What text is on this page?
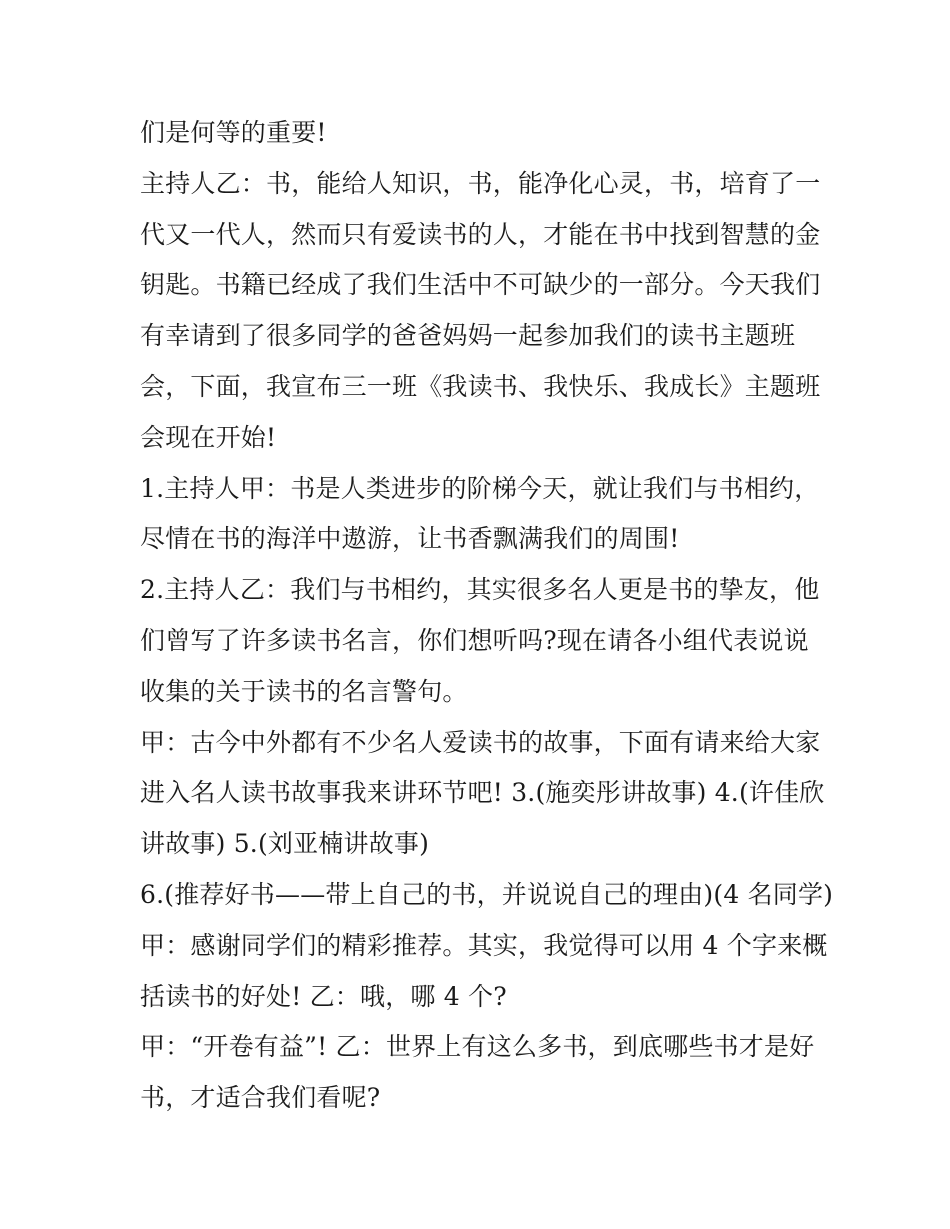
们是何等的重要!
主持人乙：书，能给人知识，书，能净化心灵，书，培育了一
代又一代人，然而只有爱读书的人，才能在书中找到智慧的金
钥匙。书籍已经成了我们生活中不可缺少的一部分。今天我们
有幸请到了很多同学的爸爸妈妈一起参加我们的读书主题班
会，下面，我宣布三一班《我读书、我快乐、我成长》主题班
会现在开始!
1.主持人甲：书是人类进步的阶梯今天，就让我们与书相约，
尽情在书的海洋中遨游，让书香飘满我们的周围!
2.主持人乙：我们与书相约，其实很多名人更是书的挚友，他
们曾写了许多读书名言，你们想听吗?现在请各小组代表说说
收集的关于读书的名言警句。
甲：古今中外都有不少名人爱读书的故事，下面有请来给大家
进入名人读书故事我来讲环节吧! 3.(施奕彤讲故事) 4.(许佳欣
讲故事) 5.(刘亚楠讲故事)
6.(推荐好书——带上自己的书，并说说自己的理由)(4 名同学)
甲：感谢同学们的精彩推荐。其实，我觉得可以用 4 个字来概
括读书的好处! 乙：哦，哪 4 个?
甲：“开卷有益”! 乙：世界上有这么多书，到底哪些书才是好
书，才适合我们看呢?
